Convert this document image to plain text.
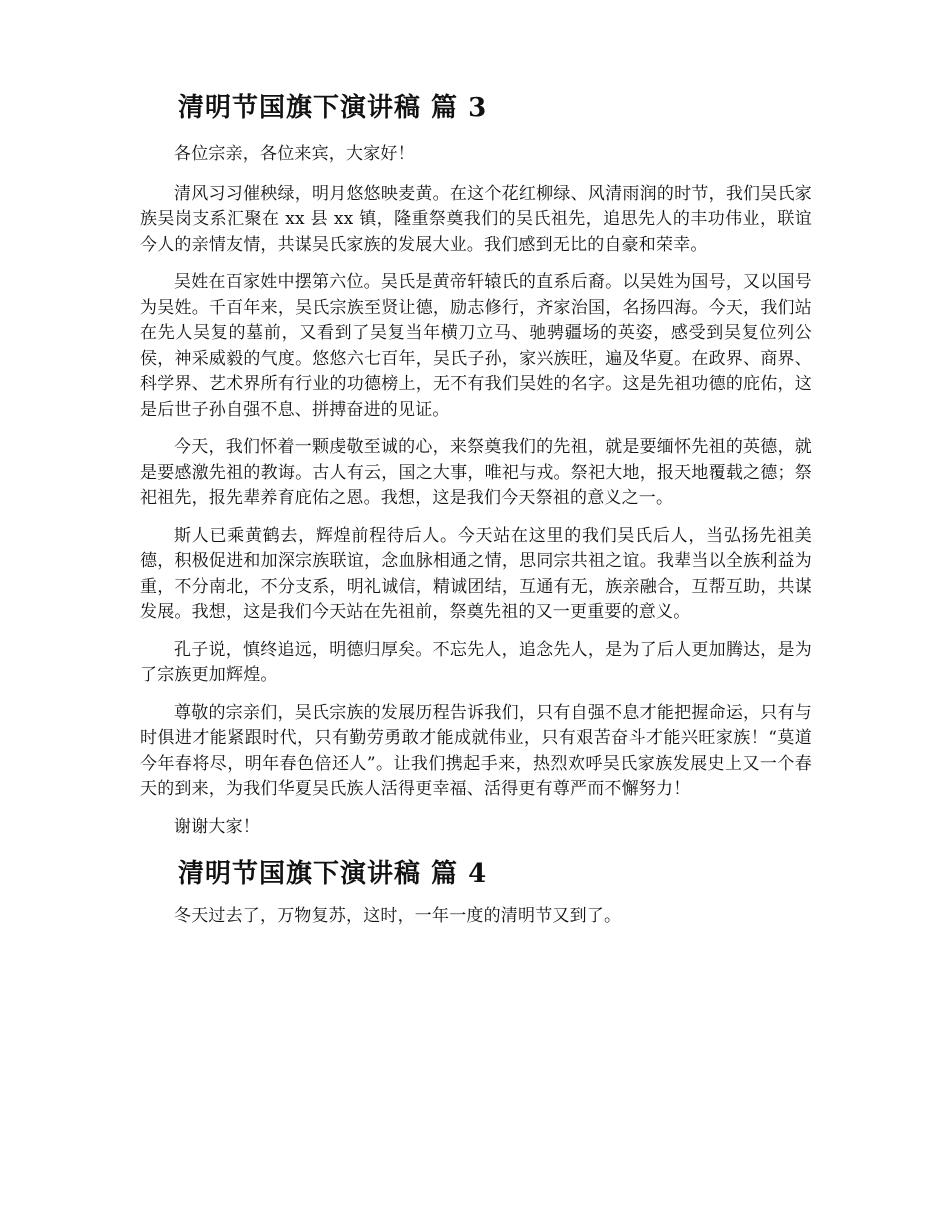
清明节国旗下演讲稿 篇 3

各位宗亲，各位来宾，大家好！

清风习习催秧绿，明月悠悠映麦黄。在这个花红柳绿、风清雨润的时节，我们吴氏家族吴岗支系汇聚在 xx 县 xx 镇，隆重祭奠我们的吴氏祖先，追思先人的丰功伟业，联谊今人的亲情友情，共谋吴氏家族的发展大业。我们感到无比的自豪和荣幸。

吴姓在百家姓中摆第六位。吴氏是黄帝轩辕氏的直系后裔。以吴姓为国号，又以国号为吴姓。千百年来，吴氏宗族至贤让德，励志修行，齐家治国，名扬四海。今天，我们站在先人吴复的墓前，又看到了吴复当年横刀立马、驰骋疆场的英姿，感受到吴复位列公侯，神采威毅的气度。悠悠六七百年，吴氏子孙，家兴族旺，遍及华夏。在政界、商界、科学界、艺术界所有行业的功德榜上，无不有我们吴姓的名字。这是先祖功德的庇佑，这是后世子孙自强不息、拼搏奋进的见证。

今天，我们怀着一颗虔敬至诚的心，来祭奠我们的先祖，就是要缅怀先祖的英德，就是要感激先祖的教诲。古人有云，国之大事，唯祀与戎。祭祀大地，报天地覆载之德；祭祀祖先，报先辈养育庇佑之恩。我想，这是我们今天祭祖的意义之一。

斯人已乘黄鹤去，辉煌前程待后人。今天站在这里的我们吴氏后人，当弘扬先祖美德，积极促进和加深宗族联谊，念血脉相通之情，思同宗共祖之谊。我辈当以全族利益为重，不分南北，不分支系，明礼诚信，精诚团结，互通有无，族亲融合，互帮互助，共谋发展。我想，这是我们今天站在先祖前，祭奠先祖的又一更重要的意义。

孔子说，慎终追远，明德归厚矣。不忘先人，追念先人，是为了后人更加腾达，是为了宗族更加辉煌。

尊敬的宗亲们，吴氏宗族的发展历程告诉我们，只有自强不息才能把握命运，只有与时俱进才能紧跟时代，只有勤劳勇敢才能成就伟业，只有艰苦奋斗才能兴旺家族！“莫道今年春将尽，明年春色倍还人”。让我们携起手来，热烈欢呼吴氏家族发展史上又一个春天的到来，为我们华夏吴氏族人活得更幸福、活得更有尊严而不懈努力！

谢谢大家！

清明节国旗下演讲稿 篇 4

冬天过去了，万物复苏，这时，一年一度的清明节又到了。
